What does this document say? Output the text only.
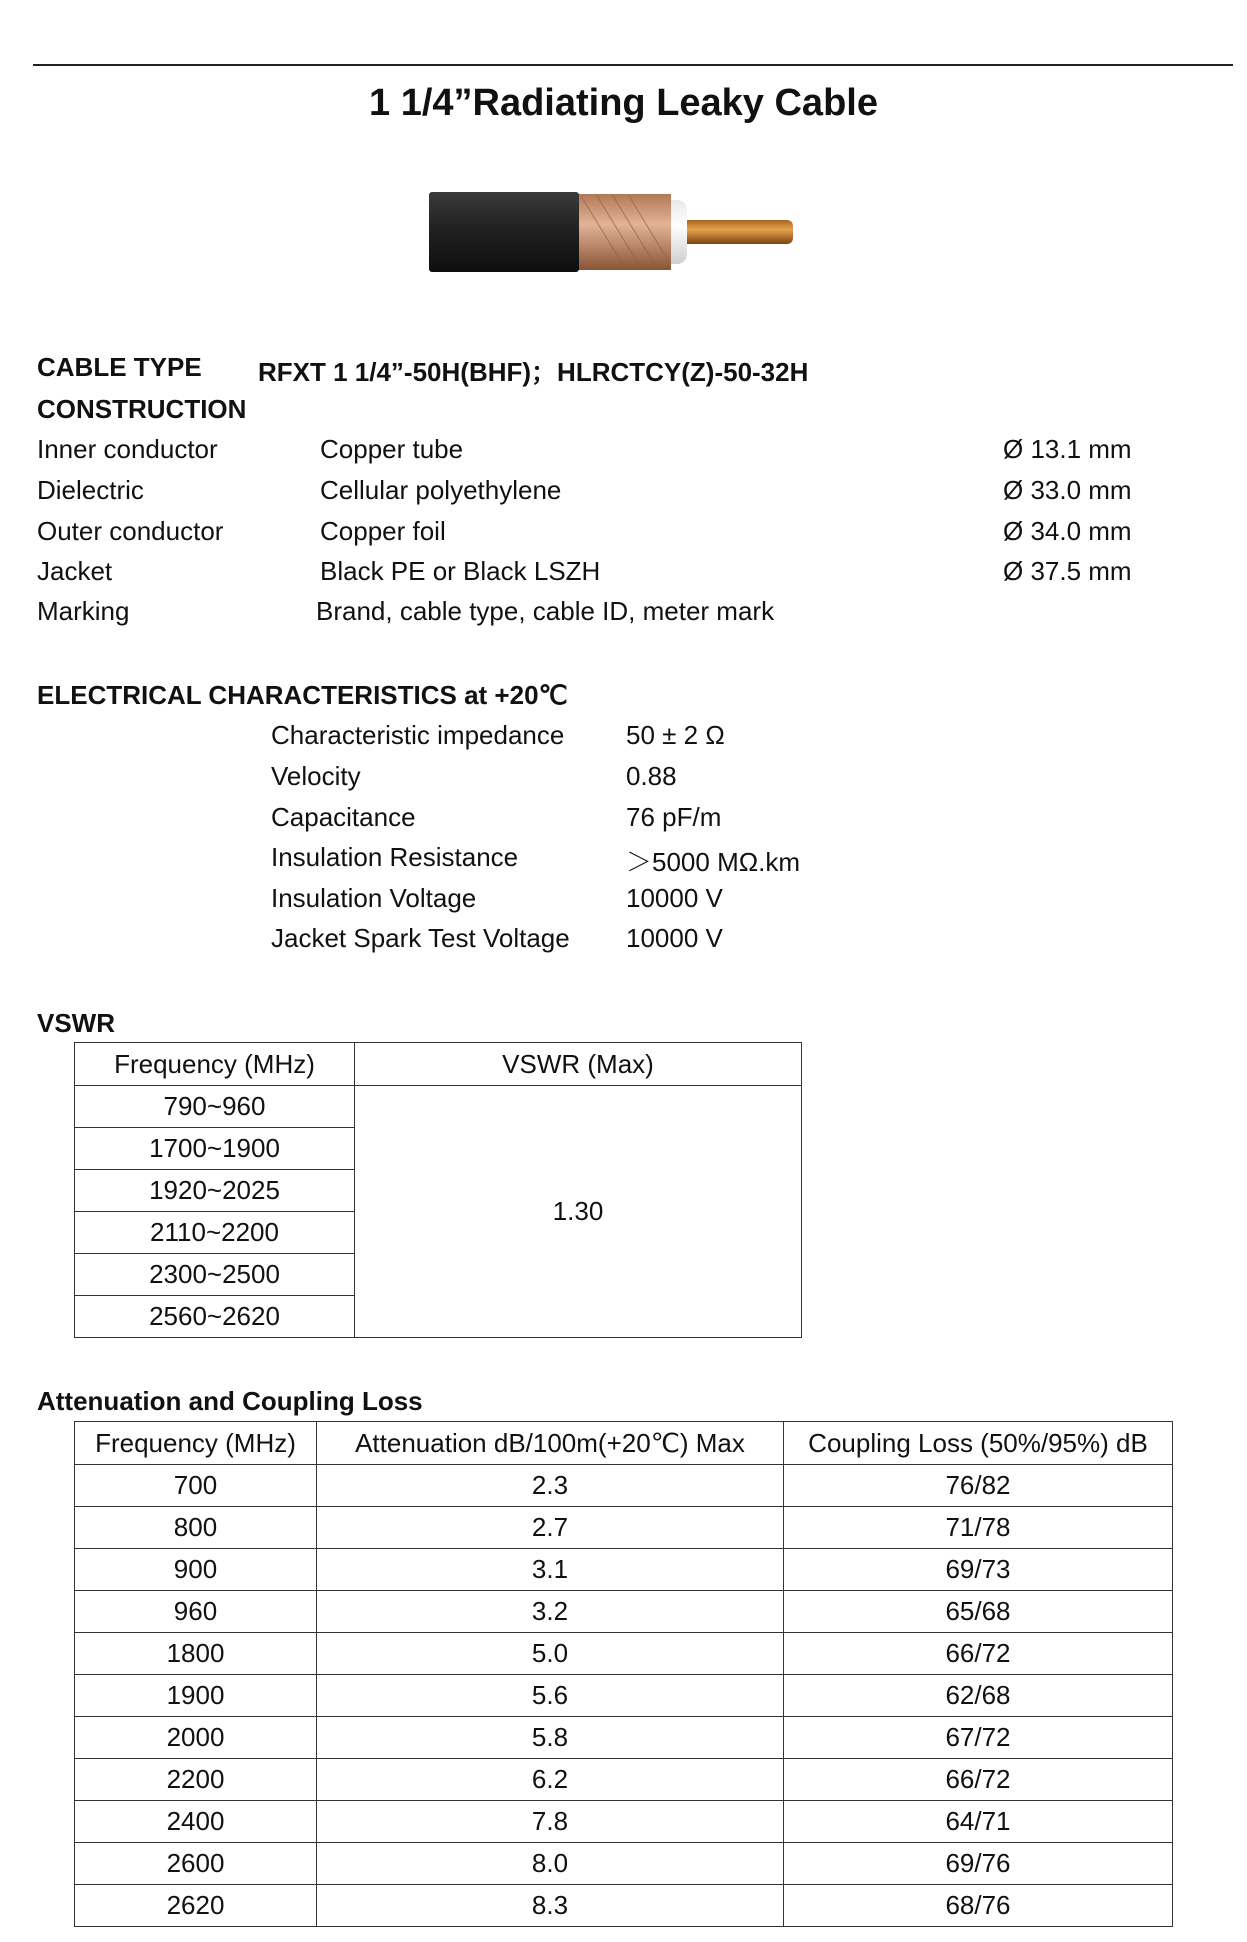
1 1/4”Radiating Leaky Cable
CABLE TYPE RFXT 1 1/4”-50H(BHF)；HLRCTCY(Z)-50-32H
CONSTRUCTION
Inner conductor	Copper tube	Ø 13.1 mm
Dielectric	Cellular polyethylene	Ø 33.0 mm
Outer conductor	Copper foil	Ø 34.0 mm
Jacket	Black PE or Black LSZH	Ø 37.5 mm
Marking	Brand, cable type, cable ID, meter mark
ELECTRICAL CHARACTERISTICS at +20℃
Characteristic impedance 50 ± 2 Ω
Velocity	0.88
Capacitance	76 pF/m
Insulation Resistance	＞5000 MΩ.km
Insulation Voltage	10000 V
Jacket Spark Test Voltage 10000 V
VSWR
Frequency (MHz)	VSWR (Max)
790~960	1.30
1700~1900	
1920~2025	
2110~2200	
2300~2500	
2560~2620	
Attenuation and Coupling Loss
Frequency (MHz)	Attenuation dB/100m(+20℃) Max	Coupling Loss (50%/95%) dB
700	2.3	76/82
800	2.7	71/78
900	3.1	69/73
960	3.2	65/68
1800	5.0	66/72
1900	5.6	62/68
2000	5.8	67/72
2200	6.2	66/72
2400	7.8	64/71
2600	8.0	69/76
2620	8.3	68/76
